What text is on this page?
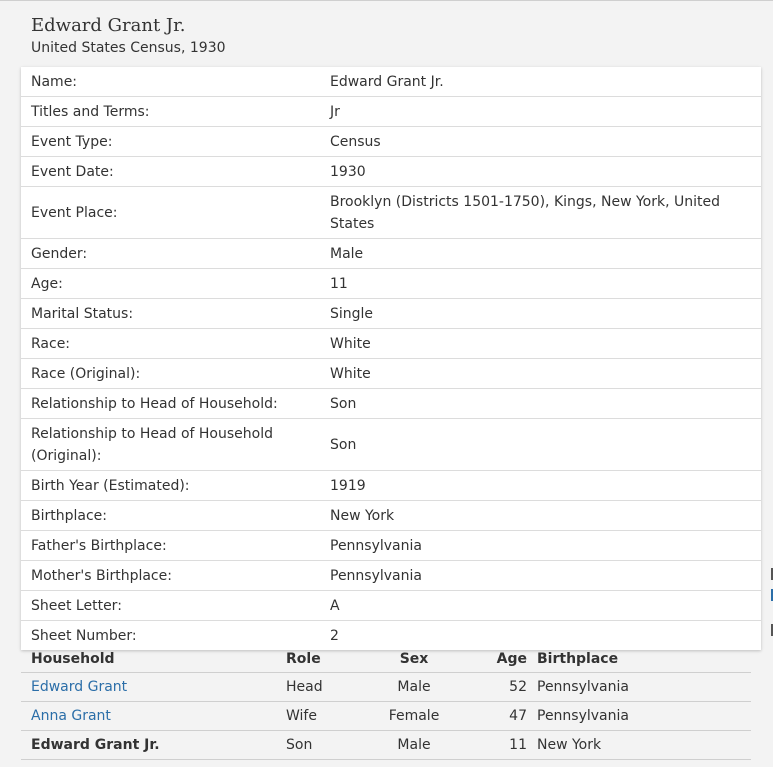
Edward Grant Jr.
United States Census, 1930
Name:	Edward Grant Jr.
Titles and Terms:	Jr
Event Type:	Census
Event Date:	1930
Event Place:
Brooklyn (Districts 1501-1750), Kings, New York, United States
Gender:	Male
Age:	11
Marital Status:	Single
Race:	White
Race (Original):	White
Relationship to Head of Household:	Son
Relationship to Head of Household (Original):
Son
Birth Year (Estimated):	1919
Birthplace:	New York
Father's Birthplace:	Pennsylvania
Mother's Birthplace:	Pennsylvania
Sheet Letter:	A
Sheet Number:	2
Household	Role	Sex	Age	Birthplace
Edward Grant	Head	Male	52	Pennsylvania
Anna Grant	Wife	Female	47	Pennsylvania
Edward Grant Jr.	Son	Male	11	New York
